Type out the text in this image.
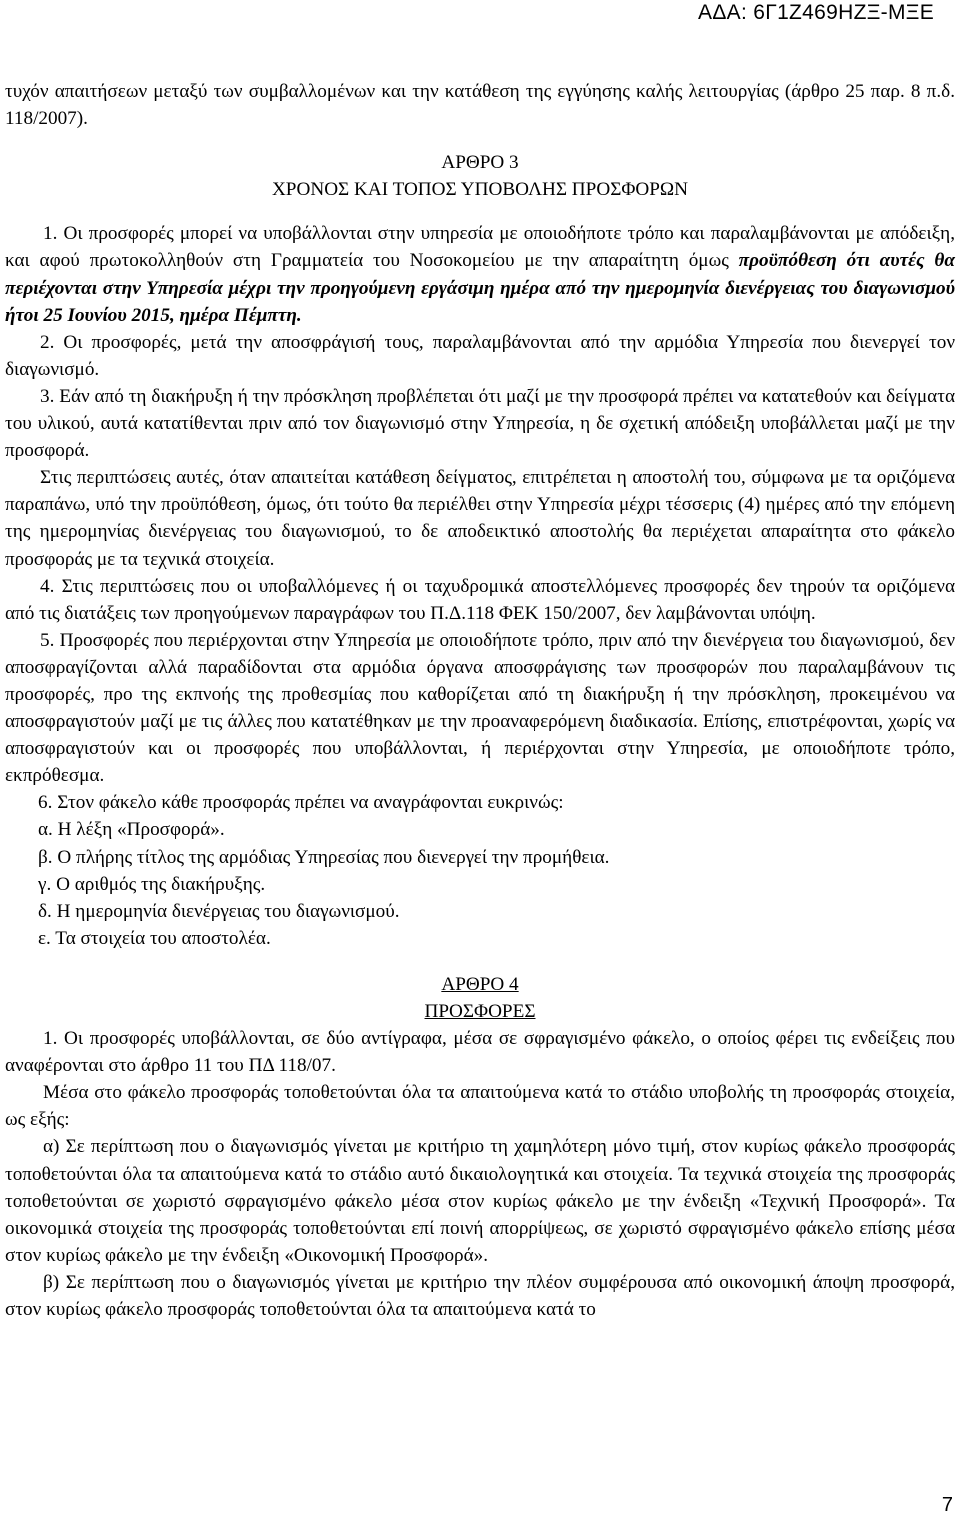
ΑΔΑ: 6Γ1Ζ469ΗΖΞ-ΜΞΕ

τυχόν απαιτήσεων μεταξύ των συμβαλλομένων και την κατάθεση της εγγύησης καλής λειτουργίας (άρθρο 25 παρ. 8 π.δ. 118/2007).

ΑΡΘΡΟ 3

ΧΡΟΝΟΣ ΚΑΙ ΤΟΠΟΣ ΥΠΟΒΟΛΗΣ ΠΡΟΣΦΟΡΩΝ

1. Οι προσφορές μπορεί να υποβάλλονται στην υπηρεσία με οποιοδήποτε τρόπο και παραλαμβάνονται με απόδειξη, και αφού πρωτοκολληθούν στη Γραμματεία του Νοσοκομείου με την απαραίτητη όμως προϋπόθεση ότι αυτές θα περιέχονται στην Υπηρεσία μέχρι την προηγούμενη εργάσιμη ημέρα από την ημερομηνία διενέργειας του διαγωνισμού ήτοι 25 Ιουνίου 2015, ημέρα Πέμπτη.

2. Οι προσφορές, μετά την αποσφράγισή τους, παραλαμβάνονται από την αρμόδια Υπηρεσία που διενεργεί τον διαγωνισμό.

3. Εάν από τη διακήρυξη ή την πρόσκληση προβλέπεται ότι μαζί με την προσφορά πρέπει να κατατεθούν και δείγματα του υλικού, αυτά κατατίθενται πριν από τον διαγωνισμό στην Υπηρεσία, η δε σχετική απόδειξη υποβάλλεται μαζί με την προσφορά.

Στις περιπτώσεις αυτές, όταν απαιτείται κατάθεση δείγματος, επιτρέπεται η αποστολή του, σύμφωνα με τα οριζόμενα παραπάνω, υπό την προϋπόθεση, όμως, ότι τούτο θα περιέλθει στην Υπηρεσία μέχρι τέσσερις (4) ημέρες από την επόμενη της ημερομηνίας διενέργειας του διαγωνισμού, το δε αποδεικτικό αποστολής θα περιέχεται απαραίτητα στο φάκελο προσφοράς με τα τεχνικά στοιχεία.

4. Στις περιπτώσεις που οι υποβαλλόμενες ή οι ταχυδρομικά αποστελλόμενες προσφορές δεν τηρούν τα οριζόμενα από τις διατάξεις των προηγούμενων παραγράφων του Π.Δ.118 ΦΕΚ 150/2007, δεν λαμβάνονται υπόψη.

5. Προσφορές που περιέρχονται στην Υπηρεσία με οποιοδήποτε τρόπο, πριν από την διενέργεια του διαγωνισμού, δεν αποσφραγίζονται αλλά παραδίδονται στα αρμόδια όργανα αποσφράγισης των προσφορών που παραλαμβάνουν τις προσφορές, προ της εκπνοής της προθεσμίας που καθορίζεται από τη διακήρυξη ή την πρόσκληση, προκειμένου να αποσφραγιστούν μαζί με τις άλλες που κατατέθηκαν με την προαναφερόμενη διαδικασία. Επίσης, επιστρέφονται, χωρίς να αποσφραγιστούν και οι προσφορές που υποβάλλονται, ή περιέρχονται στην Υπηρεσία, με οποιοδήποτε τρόπο, εκπρόθεσμα.

6. Στον φάκελο κάθε προσφοράς πρέπει να αναγράφονται ευκρινώς:

α. Η λέξη «Προσφορά».

β. Ο πλήρης τίτλος της αρμόδιας Υπηρεσίας που διενεργεί την προμήθεια.

γ. Ο αριθμός της διακήρυξης.

δ. Η ημερομηνία διενέργειας του διαγωνισμού.

ε. Τα στοιχεία του αποστολέα.

ΑΡΘΡΟ 4

ΠΡΟΣΦΟΡΕΣ

1. Οι προσφορές υποβάλλονται, σε δύο αντίγραφα, μέσα σε σφραγισμένο φάκελο, ο οποίος φέρει τις ενδείξεις που αναφέρονται στο άρθρο 11 του ΠΔ 118/07.

Μέσα στο φάκελο προσφοράς τοποθετούνται όλα τα απαιτούμενα κατά το στάδιο υποβολής τη προσφοράς στοιχεία, ως εξής:

α) Σε περίπτωση που ο διαγωνισμός γίνεται με κριτήριο τη χαμηλότερη μόνο τιμή, στον κυρίως φάκελο προσφοράς τοποθετούνται όλα τα απαιτούμενα κατά το στάδιο αυτό δικαιολογητικά και στοιχεία. Τα τεχνικά στοιχεία της προσφοράς τοποθετούνται σε χωριστό σφραγισμένο φάκελο μέσα στον κυρίως φάκελο με την ένδειξη «Τεχνική Προσφορά». Τα οικονομικά στοιχεία της προσφοράς τοποθετούνται επί ποινή απορρίψεως, σε χωριστό σφραγισμένο φάκελο επίσης μέσα στον κυρίως φάκελο με την ένδειξη «Οικονομική Προσφορά».

β) Σε περίπτωση που ο διαγωνισμός γίνεται με κριτήριο την πλέον συμφέρουσα από οικονομική άποψη προσφορά, στον κυρίως φάκελο προσφοράς τοποθετούνται όλα τα απαιτούμενα κατά το

7
